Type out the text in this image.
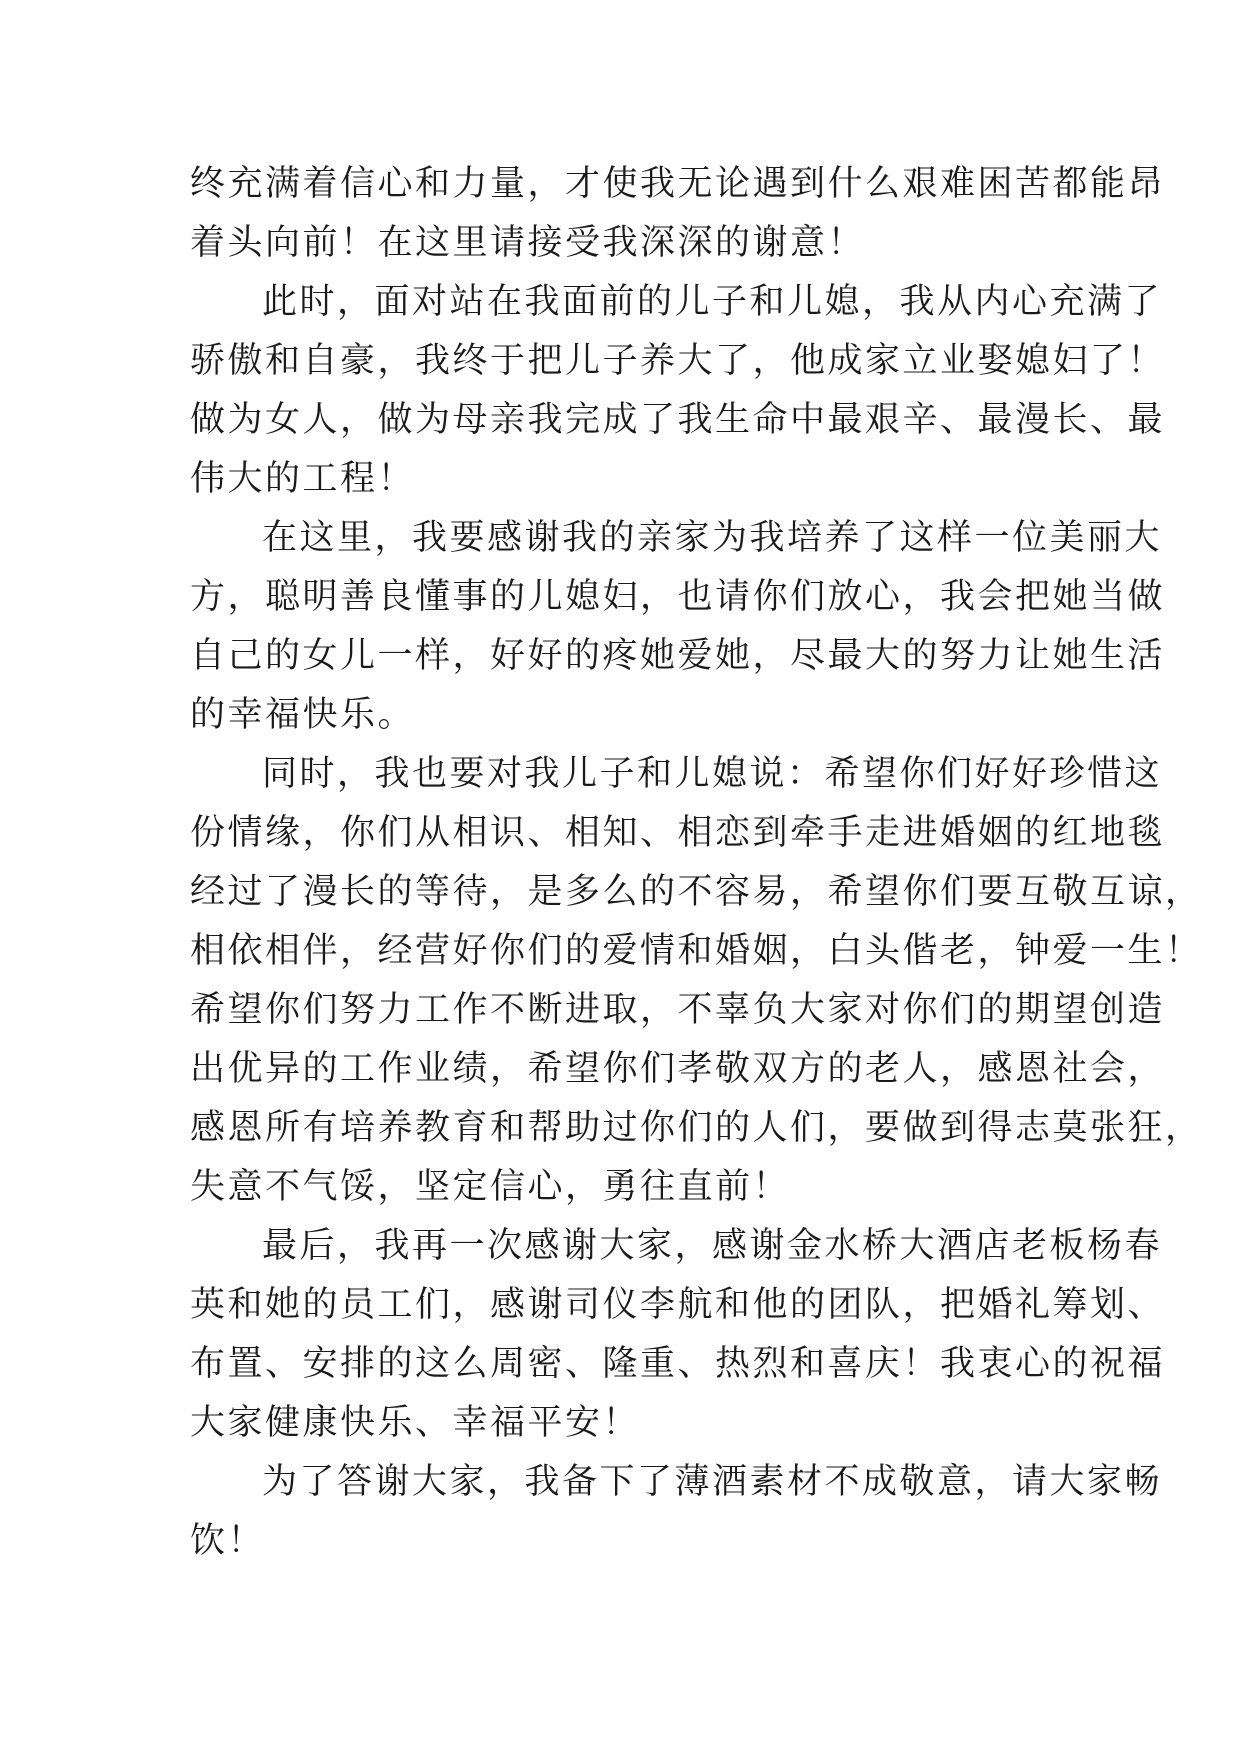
终充满着信心和力量，才使我无论遇到什么艰难困苦都能昂
着头向前！在这里请接受我深深的谢意！
此时，面对站在我面前的儿子和儿媳，我从内心充满了
骄傲和自豪，我终于把儿子养大了，他成家立业娶媳妇了！
做为女人，做为母亲我完成了我生命中最艰辛、最漫长、最
伟大的工程！
在这里，我要感谢我的亲家为我培养了这样一位美丽大
方，聪明善良懂事的儿媳妇，也请你们放心，我会把她当做
自己的女儿一样，好好的疼她爱她，尽最大的努力让她生活
的幸福快乐。
同时，我也要对我儿子和儿媳说：希望你们好好珍惜这
份情缘，你们从相识、相知、相恋到牵手走进婚姻的红地毯
经过了漫长的等待，是多么的不容易，希望你们要互敬互谅，
相依相伴，经营好你们的爱情和婚姻，白头偕老，钟爱一生！
希望你们努力工作不断进取，不辜负大家对你们的期望创造
出优异的工作业绩，希望你们孝敬双方的老人，感恩社会，
感恩所有培养教育和帮助过你们的人们，要做到得志莫张狂，
失意不气馁，坚定信心，勇往直前！
最后，我再一次感谢大家，感谢金水桥大酒店老板杨春
英和她的员工们，感谢司仪李航和他的团队，把婚礼筹划、
布置、安排的这么周密、隆重、热烈和喜庆！我衷心的祝福
大家健康快乐、幸福平安！
为了答谢大家，我备下了薄酒素材不成敬意，请大家畅
饮！
